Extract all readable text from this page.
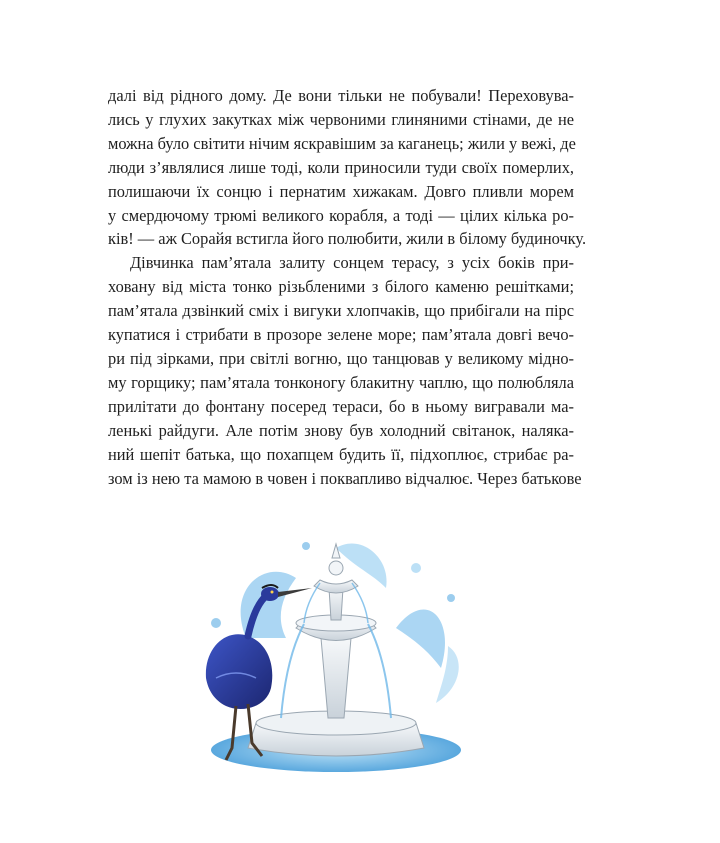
далі від рідного дому. Де вони тільки не побували! Переховува-
лись у глухих закутках між червоними глиняними стінами, де не
можна було світити нічим яскравішим за каганець; жили у вежі, де
люди з’являлися лише тоді, коли приносили туди своїх померлих,
полишаючи їх сонцю і пернатим хижакам. Довго пливли морем
у смердючому трюмі великого корабля, а тоді — цілих кілька ро-
ків! — аж Сорайя встигла його полюбити, жили в білому будиночку.
Дівчинка пам’ятала залиту сонцем терасу, з усіх боків при-
ховану від міста тонко різьбленими з білого каменю решітками;
пам’ятала дзвінкий сміх і вигуки хлопчаків, що прибігали на пірс
купатися і стрибати в прозоре зелене море; пам’ятала довгі вечо-
ри під зірками, при світлі вогню, що танцював у великому мідно-
му горщику; пам’ятала тонконогу блакитну чаплю, що полюбляла
прилітати до фонтану посеред тераси, бо в ньому вигравали ма-
ленькі райдуги. Але потім знову був холодний світанок, наляка-
ний шепіт батька, що похапцем будить її, підхоплює, стрибає ра-
зом із нею та мамою в човен і поквапливо відчалює. Через батькове
